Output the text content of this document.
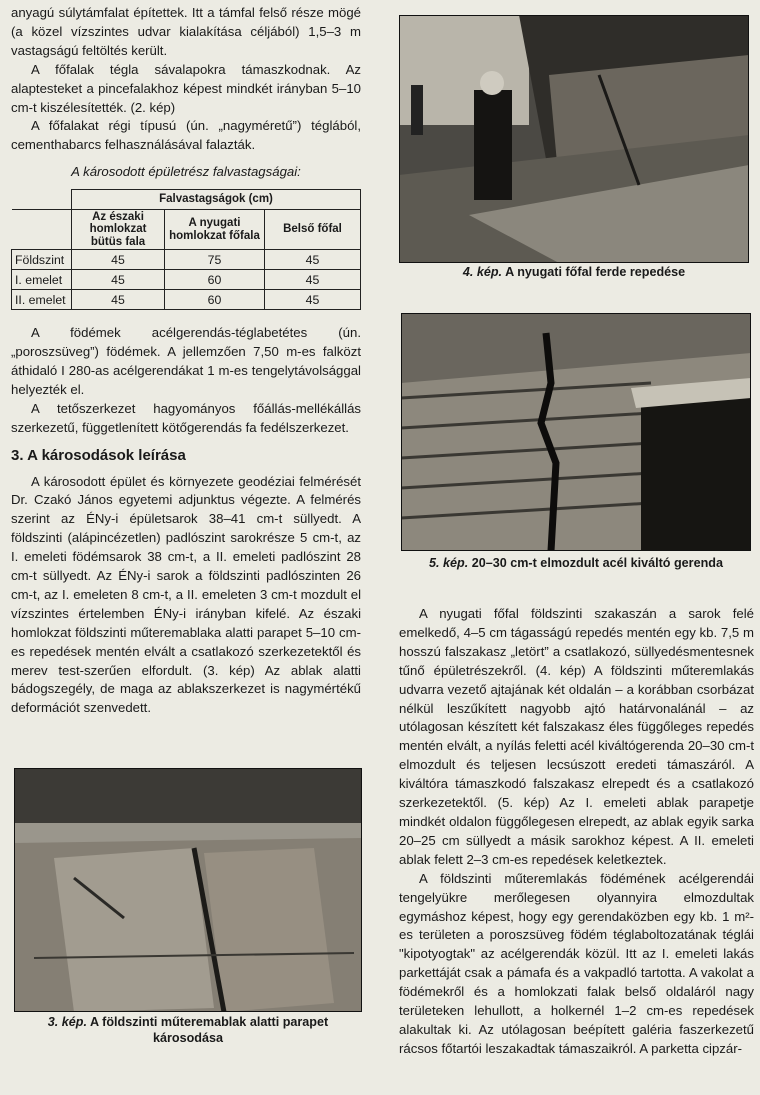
anyagú súlytámfalat építettek. Itt a támfal felső része mögé (a közel vízszintes udvar kialakítása céljából) 1,5–3 m vastagságú feltöltés került.

A főfalak tégla sávalapokra támaszkodnak. Az alaptesteket a pincefalakhoz képest mindkét irányban 5–10 cm-t kiszélesítették. (2. kép)

A főfalakat régi típusú (ún. „nagyméretű”) téglából, cementhabarcs felhasználásával falazták.

A károsodott épületrész falvastagságai:
	Falvastagságok (cm)		
	Az északi homlokzat bütüs fala	A nyugati homlokzat főfala	Belső főfal
Földszint	45	75	45
I. emelet	45	60	45
II. emelet	45	60	45

A födémek acélgerendás-téglabetétes (ún. „poroszsüveg”) födémek. A jellemzően 7,50 m-es falközt áthidaló I 280-as acélgerendákat 1 m-es tengelytávolsággal helyezték el.

A tetőszerkezet hagyományos főállás-mellékállás szerkezetű, függetlenített kötőgerendás fa fedélszerkezet.

3. A károsodások leírása

A károsodott épület és környezete geodéziai felmérését Dr. Czakó János egyetemi adjunktus végezte. A felmérés szerint az ÉNy-i épületsarok 38–41 cm-t süllyedt. A földszinti (alápincézetlen) padlószint sarokrésze 5 cm-t, az I. emeleti födémsarok 38 cm-t, a II. emeleti padlószint 28 cm-t süllyedt. Az ÉNy-i sarok a földszinti padlószinten 26 cm-t, az I. emeleten 8 cm-t, a II. emeleten 3 cm-t mozdult el vízszintes értelemben ÉNy-i irányban kifelé. Az északi homlokzat földszinti műteremablaka alatti parapet 5–10 cm-es repedések mentén elvált a csatlakozó szerkezetektől és merev test-szerűen elfordult. (3. kép) Az ablak alatti bádogszegély, de maga az ablakszerkezet is nagymértékű deformációt szenvedett.

3. kép. A földszinti műteremablak alatti parapet károsodása
4. kép. A nyugati főfal ferde repedése
5. kép. 20–30 cm-t elmozdult acél kiváltó gerenda

A nyugati főfal földszinti szakaszán a sarok felé emelkedő, 4–5 cm tágasságú repedés mentén egy kb. 7,5 m hosszú falszakasz „letört” a csatlakozó, süllyedésmentesnek tűnő épületrészekről. (4. kép) A földszinti műteremlakás udvarra vezető ajtajának két oldalán – a korábban csorbázat nélkül leszűkített nagyobb ajtó határvonalánál – az utólagosan készített két falszakasz éles függőleges repedés mentén elvált, a nyílás feletti acél kiváltógerenda 20–30 cm-t elmozdult és teljesen lecsúszott eredeti támaszáról. A kiváltóra támaszkodó falszakasz elrepedt és a csatlakozó szerkezetektől. (5. kép) Az I. emeleti ablak parapetje mindkét oldalon függőlegesen elrepedt, az ablak egyik sarka 20–25 cm süllyedt a másik sarokhoz képest. A II. emeleti ablak felett 2–3 cm-es repedések keletkeztek.

A földszinti műteremlakás födémének acélgerendái tengelyükre merőlegesen olyannyira elmozdultak egymáshoz képest, hogy egy gerendaközben egy kb. 1 m²-es területen a poroszsüveg födém téglaboltozatának téglái "kipotyogtak" az acélgerendák közül. Itt az I. emeleti lakás parkettáját csak a pámafa és a vakpadló tartotta. A vakolat a födémekről és a homlokzati falak belső oldaláról nagy területeken lehullott, a holkernél 1–2 cm-es repedések alakultak ki. Az utólagosan beépített galéria faszerkezetű rácsos főtartói leszakadtak támaszaikról. A parketta cipzár-
